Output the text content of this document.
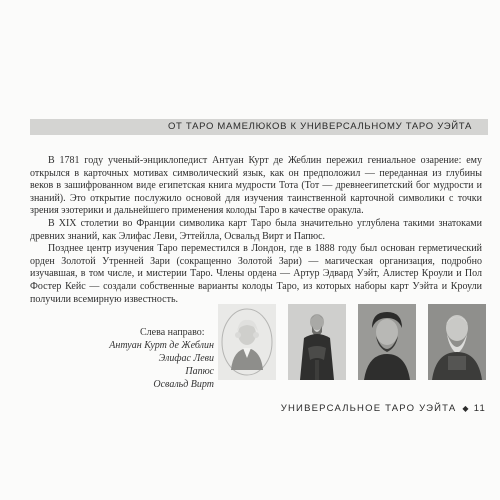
ОТ ТАРО МАМЕЛЮКОВ К УНИВЕРСАЛЬНОМУ ТАРО УЭЙТА

В 1781 году ученый-энциклопедист Антуан Курт де Жеблин пережил гениальное озарение: ему открылся в карточных мотивах символический язык, как он предположил — переданная из глубины веков в зашифрованном виде египетская книга мудрости Тота (Тот — древнеегипетский бог мудрости и знаний). Это открытие послужило основой для изучения таинственной карточной символики с точки зрения эзотерики и дальнейшего применения колоды Таро в качестве оракула.

В XIX столетии во Франции символика карт Таро была значительно углублена такими знатоками древних знаний, как Элифас Леви, Эттейлла, Освальд Вирт и Папюс.

Позднее центр изучения Таро переместился в Лондон, где в 1888 году был основан герметический орден Золотой Утренней Зари (сокращенно Золотой Зари) — магическая организация, подробно изучавшая, в том числе, и мистерии Таро. Члены ордена — Артур Эдвард Уэйт, Алистер Кроули и Пол Фостер Кейс — создали собственные варианты колоды Таро, из которых наборы карт Уэйта и Кроули получили всемирную известность.

Слева направо:
Антуан Курт де Жеблин
Элифас Леви
Папюс
Освальд Вирт
УНИВЕРСАЛЬНОЕ ТАРО УЭЙТА ◆ 11
